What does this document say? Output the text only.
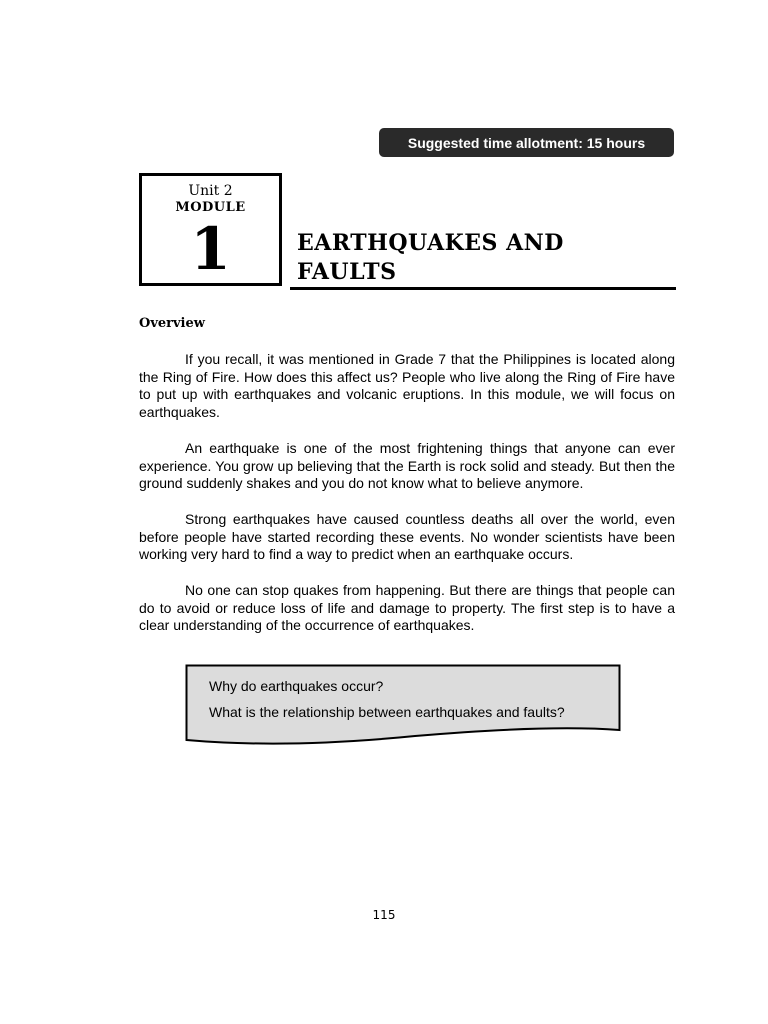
Suggested time allotment: 15 hours
Unit 2
MODULE
1	EARTHQUAKES AND
FAULTS
Overview

If you recall, it was mentioned in Grade 7 that the Philippines is located along the Ring of Fire. How does this affect us? People who live along the Ring of Fire have to put up with earthquakes and volcanic eruptions. In this module, we will focus on earthquakes.

An earthquake is one of the most frightening things that anyone can ever experience. You grow up believing that the Earth is rock solid and steady. But then the ground suddenly shakes and you do not know what to believe anymore.

Strong earthquakes have caused countless deaths all over the world, even before people have started recording these events. No wonder scientists have been working very hard to find a way to predict when an earthquake occurs.

No one can stop quakes from happening. But there are things that people can do to avoid or reduce loss of life and damage to property. The first step is to have a clear understanding of the occurrence of earthquakes.

Why do earthquakes occur?
What is the relationship between earthquakes and faults?
115
